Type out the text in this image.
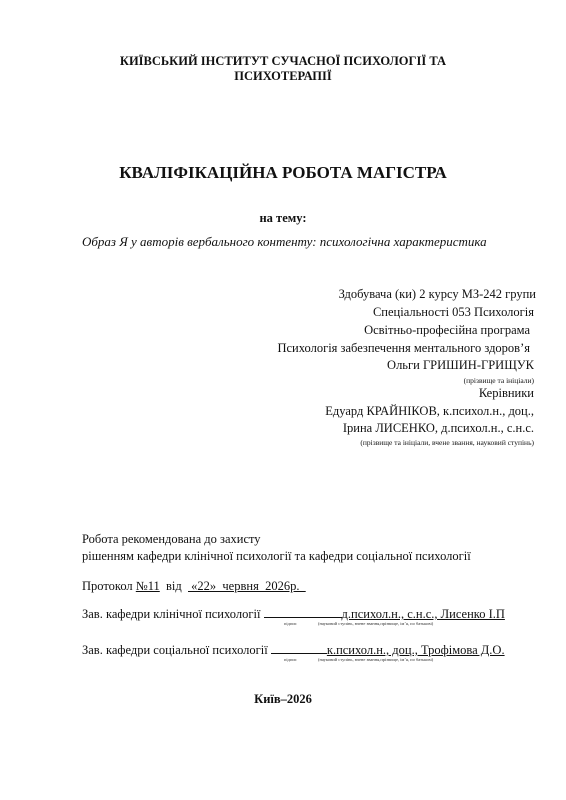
КИЇВСЬКИЙ ІНСТИТУТ СУЧАСНОЇ ПСИХОЛОГІЇ ТА
ПСИХОТЕРАПІЇ
КВАЛІФІКАЦІЙНА РОБОТА МАГІСТРА
на тему:
Образ Я у авторів вербального контенту: психологічна характеристика
Здобувача (ки) 2 курсу МЗ-242 групи
Спеціальності 053 Психологія
Освітньо-професійна програма
Психологія забезпечення ментального здоров’я
Ольги ГРИШИН-ГРИЩУК
(прізвище та ініціали)
Керівники
Едуард КРАЙНІКОВ, к.психол.н., доц.,
Ірина ЛИСЕНКО, д.психол.н., с.н.с.
(прізвище та ініціали, вчене звання, науковий ступінь)
Робота рекомендована до захисту
рішенням кафедри клінічної психології та кафедри соціальної психології
Протокол №11  від   «22»  червня  2026р.
Зав. кафедри клінічної психології	д.психол.н., с.н.с., Лисенко І.П
підпис	(науковий ступінь, вчене звання,прізвище, ім’я, по батькові)
Зав. кафедри соціальної психології	к.психол.н., доц., Трофімова Д.О.
підпис	(науковий ступінь, вчене звання,прізвище, ім’я, по батькові)
Київ–2026
